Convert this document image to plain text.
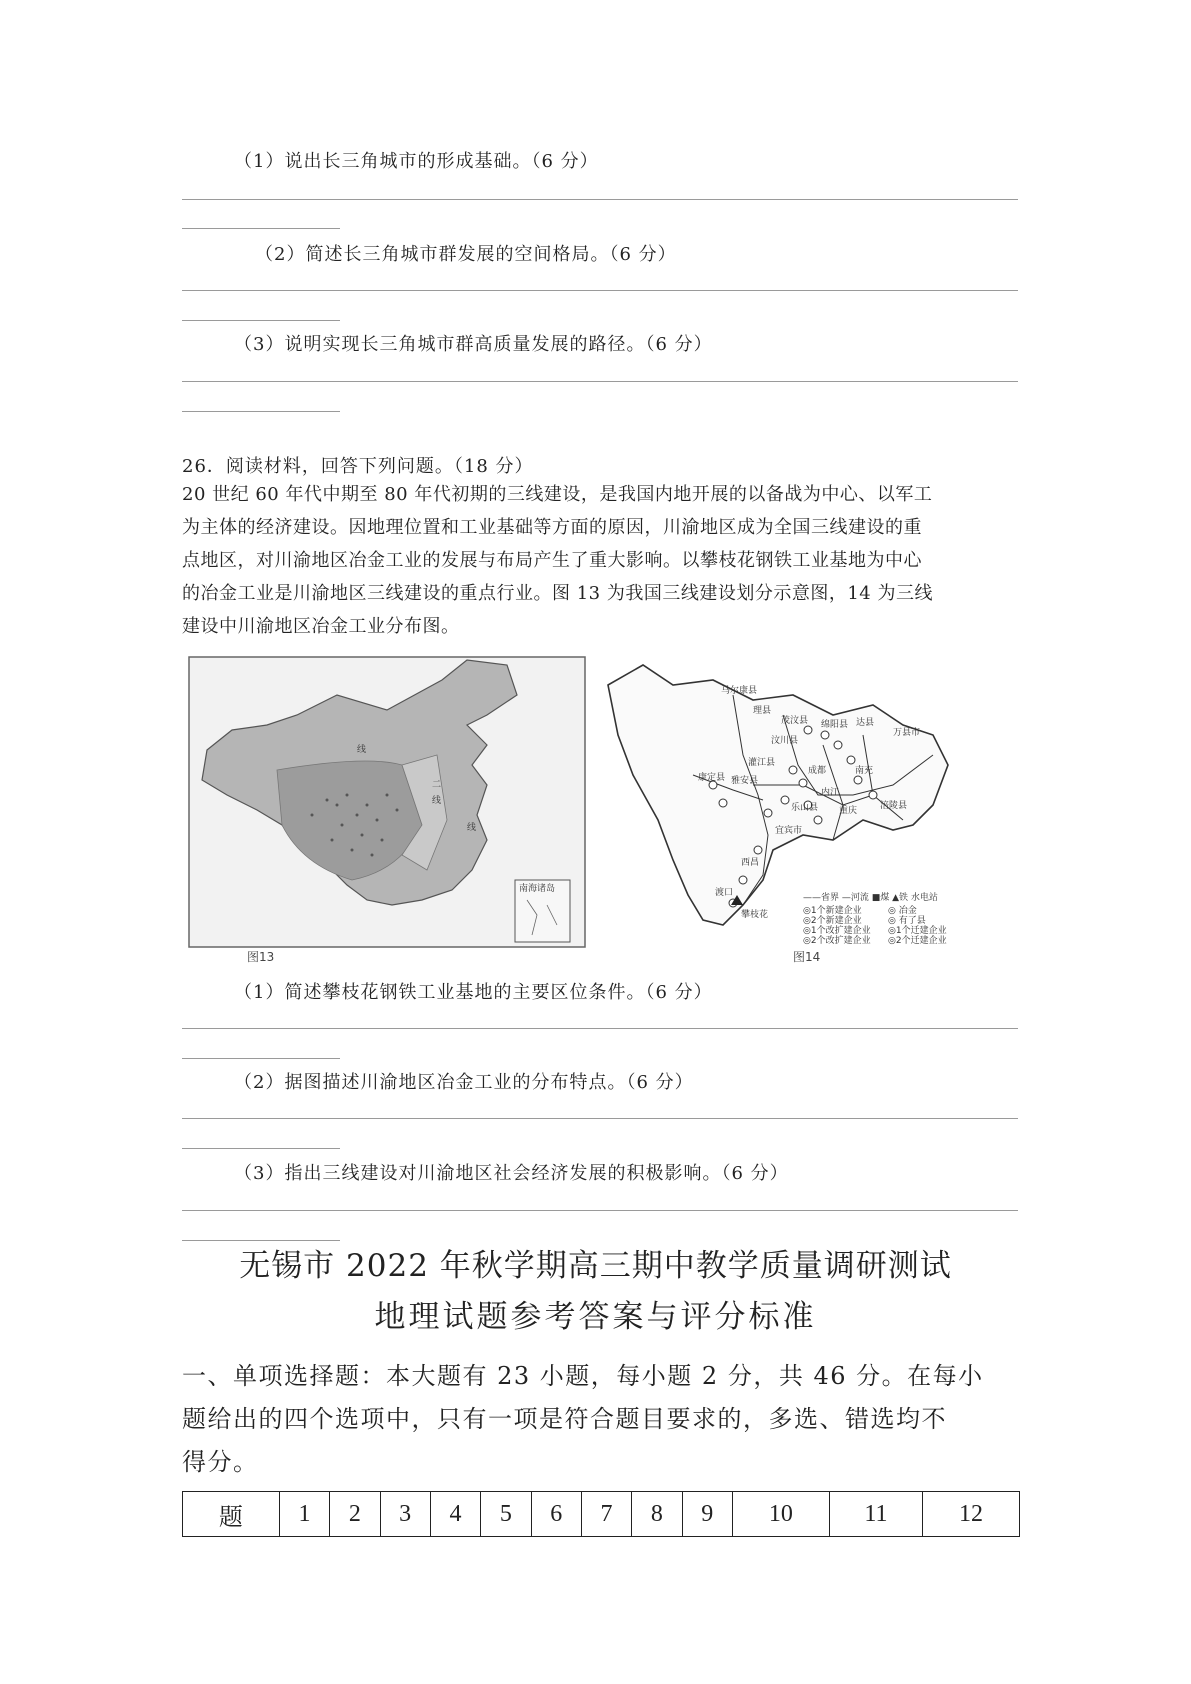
（1）说出长三角城市的形成基础。（6 分）
（2）简述长三角城市群发展的空间格局。（6 分）
（3）说明实现长三角城市群高质量发展的路径。（6 分）
26．阅读材料，回答下列问题。（18 分）
20 世纪 60 年代中期至 80 年代初期的三线建设，是我国内地开展的以备战为中心、以军工
为主体的经济建设。因地理位置和工业基础等方面的原因，川渝地区成为全国三线建设的重
点地区，对川渝地区冶金工业的发展与布局产生了重大影响。以攀枝花钢铁工业基地为中心
的冶金工业是川渝地区三线建设的重点行业。图 13 为我国三线建设划分示意图，14 为三线
建设中川渝地区冶金工业分布图。
线
二
线
线
南海诸岛
图13
马尔康县
理县
茂汶县
汶川县
绵阳县 达县
万县市
灌江县
成都	南充
康定县 雅安县
内江
乐山县 重庆	涪陵县
宜宾市
西昌
渡口
攀枝花
——省界 —河流 ■煤 ▲铁 水电站
◎1个新建企业
◎2个新建企业
◎1个改扩建企业
◎2个改扩建企业
◎ 冶金
◎ 有了县
◎1个迁建企业
◎2个迁建企业
图14
（1）简述攀枝花钢铁工业基地的主要区位条件。（6 分）
（2）据图描述川渝地区冶金工业的分布特点。（6 分）
（3）指出三线建设对川渝地区社会经济发展的积极影响。（6 分）
无锡市 2022 年秋学期高三期中教学质量调研测试
地理试题参考答案与评分标准
一、单项选择题：本大题有 23 小题，每小题 2 分，共 46 分。在每小
题给出的四个选项中，只有一项是符合题目要求的，多选、错选均不
得分。
题	1	2	3	4	5	6	7	8	9	10	11	12
